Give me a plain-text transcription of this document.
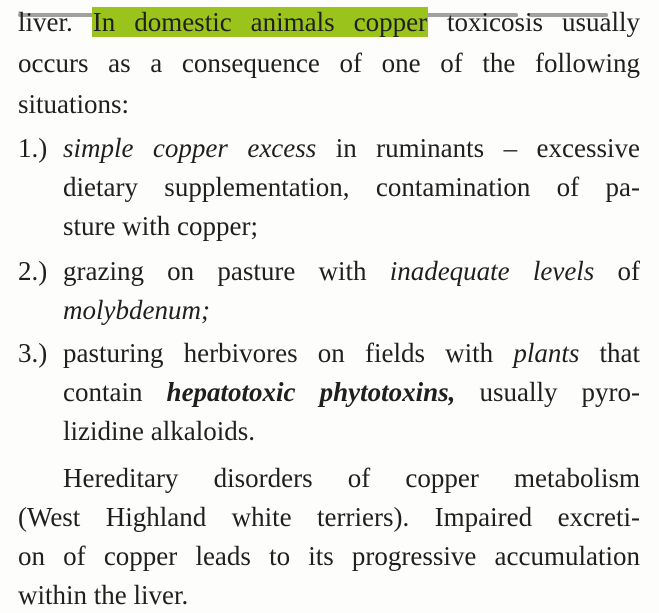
liver. In domestic animals copper toxicosis usually
occurs as a consequence of one of the following
situations:
1.) simple copper excess in ruminants – excessive
dietary supplementation, contamination of pa-
sture with copper;
2.) grazing on pasture with inadequate levels of
molybdenum;
3.) pasturing herbivores on fields with plants that
contain hepatotoxic phytotoxins, usually pyro-
lizidine alkaloids.
Hereditary disorders of copper metabolism
(West Highland white terriers). Impaired excreti-
on of copper leads to its progressive accumulation
within the liver.
